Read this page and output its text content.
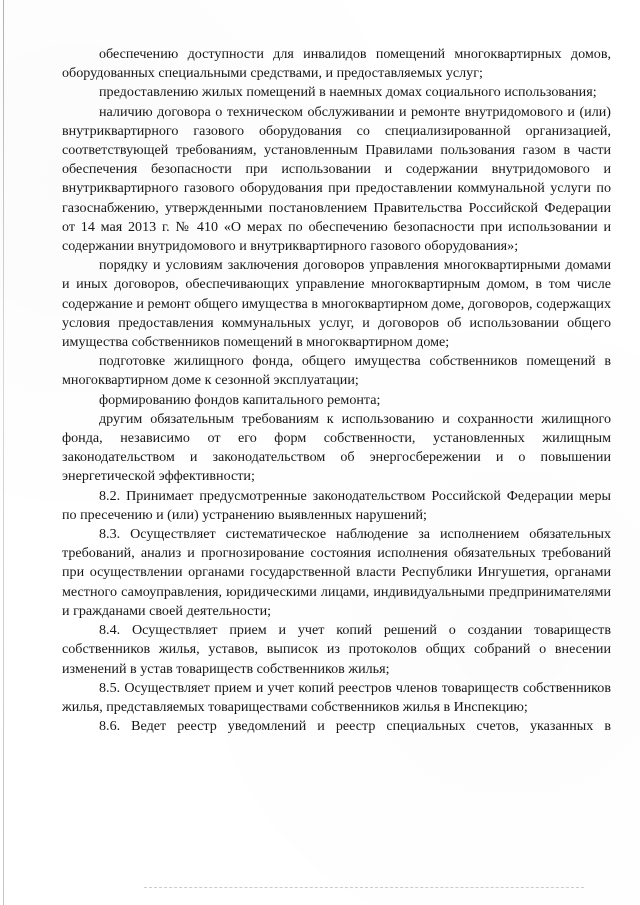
обеспечению доступности для инвалидов помещений многоквартирных домов, оборудованных специальными средствами, и предоставляемых услуг;

предоставлению жилых помещений в наемных домах социального использования;

наличию договора о техническом обслуживании и ремонте внутридомового и (или) внутриквартирного газового оборудования со специализированной организацией, соответствующей требованиям, установленным Правилами пользования газом в части обеспечения безопасности при использовании и содержании внутридомового и внутриквартирного газового оборудования при предоставлении коммунальной услуги по газоснабжению, утвержденными постановлением Правительства Российской Федерации от 14 мая 2013 г. № 410 «О мерах по обеспечению безопасности при использовании и содержании внутридомового и внутриквартирного газового оборудования»;

порядку и условиям заключения договоров управления многоквартирными домами и иных договоров, обеспечивающих управление многоквартирным домом, в том числе содержание и ремонт общего имущества в многоквартирном доме, договоров, содержащих условия предоставления коммунальных услуг, и договоров об использовании общего имущества собственников помещений в многоквартирном доме;

подготовке жилищного фонда, общего имущества собственников помещений в многоквартирном доме к сезонной эксплуатации;

формированию фондов капитального ремонта;

другим обязательным требованиям к использованию и сохранности жилищного фонда, независимо от его форм собственности, установленных жилищным законодательством и законодательством об энергосбережении и о повышении энергетической эффективности;

8.2. Принимает предусмотренные законодательством Российской Федерации меры по пресечению и (или) устранению выявленных нарушений;

8.3. Осуществляет систематическое наблюдение за исполнением обязательных требований, анализ и прогнозирование состояния исполнения обязательных требований при осуществлении органами государственной власти Республики Ингушетия, органами местного самоуправления, юридическими лицами, индивидуальными предпринимателями и гражданами своей деятельности;

8.4. Осуществляет прием и учет копий решений о создании товариществ собственников жилья, уставов, выписок из протоколов общих собраний о внесении изменений в устав товариществ собственников жилья;

8.5. Осуществляет прием и учет копий реестров членов товариществ собственников жилья, представляемых товариществами собственников жилья в Инспекцию;

8.6. Ведет реестр уведомлений и реестр специальных счетов, указанных в
